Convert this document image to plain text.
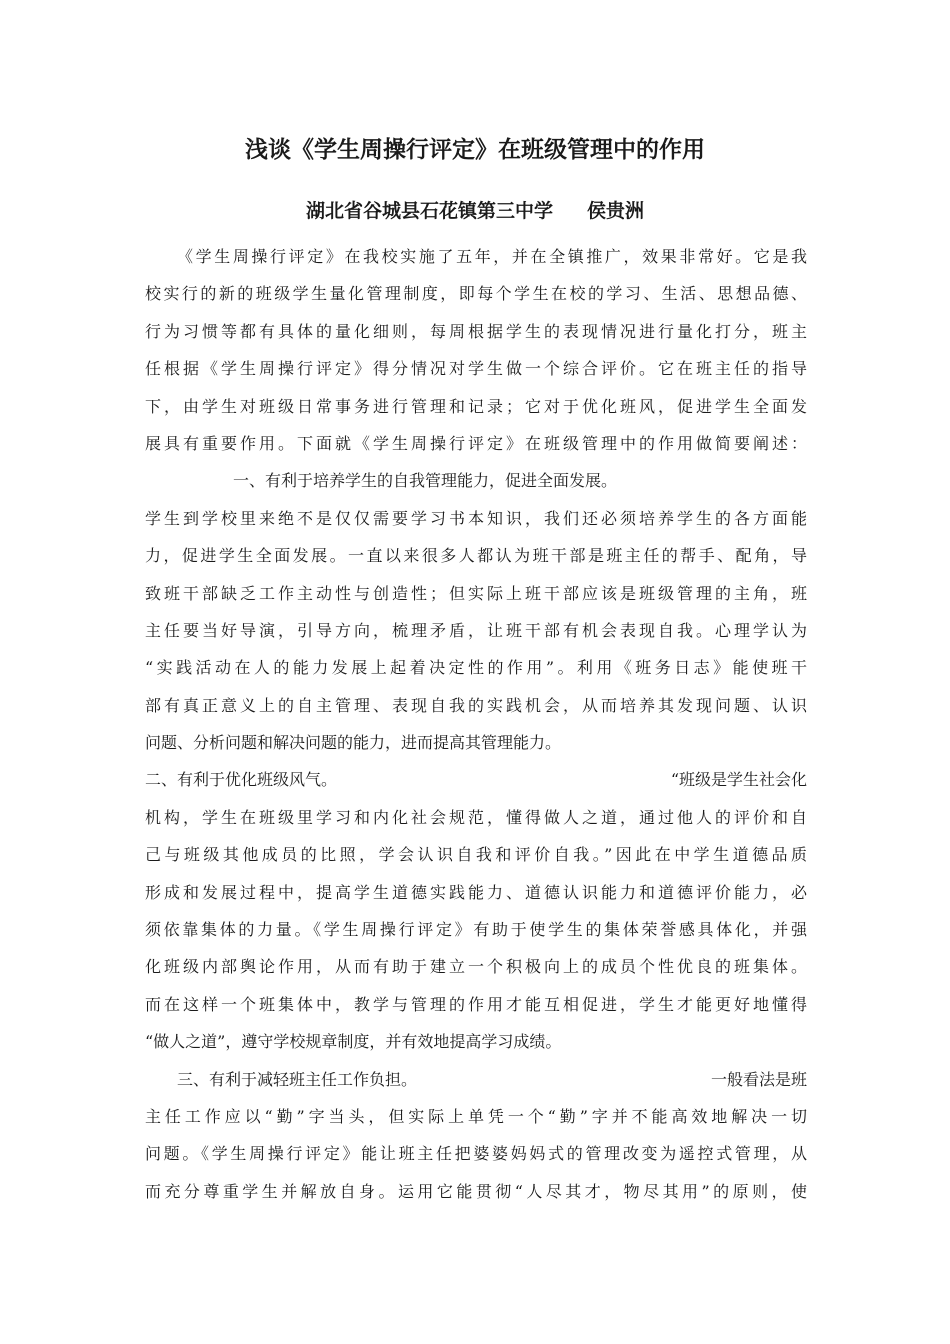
浅谈《学生周操行评定》在班级管理中的作用
湖北省谷城县石花镇第三中学 侯贵洲
《学生周操行评定》在我校实施了五年，并在全镇推广，效果非常好。它是我
校实行的新的班级学生量化管理制度，即每个学生在校的学习、生活、思想品德、
行为习惯等都有具体的量化细则，每周根据学生的表现情况进行量化打分，班主
任根据《学生周操行评定》得分情况对学生做一个综合评价。它在班主任的指导
下，由学生对班级日常事务进行管理和记录；它对于优化班风，促进学生全面发
展具有重要作用。下面就《学生周操行评定》在班级管理中的作用做简要阐述：
一、有利于培养学生的自我管理能力，促进全面发展。
学生到学校里来绝不是仅仅需要学习书本知识，我们还必须培养学生的各方面能
力，促进学生全面发展。一直以来很多人都认为班干部是班主任的帮手、配角，导
致班干部缺乏工作主动性与创造性；但实际上班干部应该是班级管理的主角，班
主任要当好导演，引导方向，梳理矛盾，让班干部有机会表现自我。心理学认为
“实践活动在人的能力发展上起着决定性的作用”。利用《班务日志》能使班干
部有真正意义上的自主管理、表现自我的实践机会，从而培养其发现问题、认识
问题、分析问题和解决问题的能力，进而提高其管理能力。
二、有利于优化班级风气。	“班级是学生社会化
机构，学生在班级里学习和内化社会规范，懂得做人之道，通过他人的评价和自
己与班级其他成员的比照，学会认识自我和评价自我。”因此在中学生道德品质
形成和发展过程中，提高学生道德实践能力、道德认识能力和道德评价能力，必
须依靠集体的力量。《学生周操行评定》有助于使学生的集体荣誉感具体化，并强
化班级内部舆论作用，从而有助于建立一个积极向上的成员个性优良的班集体。
而在这样一个班集体中，教学与管理的作用才能互相促进，学生才能更好地懂得
“做人之道”，遵守学校规章制度，并有效地提高学习成绩。
三、有利于减轻班主任工作负担。	一般看法是班
主任工作应以“勤”字当头，但实际上单凭一个“勤”字并不能高效地解决一切
问题。《学生周操行评定》能让班主任把婆婆妈妈式的管理改变为遥控式管理，从
而充分尊重学生并解放自身。运用它能贯彻“人尽其才，物尽其用”的原则，使
